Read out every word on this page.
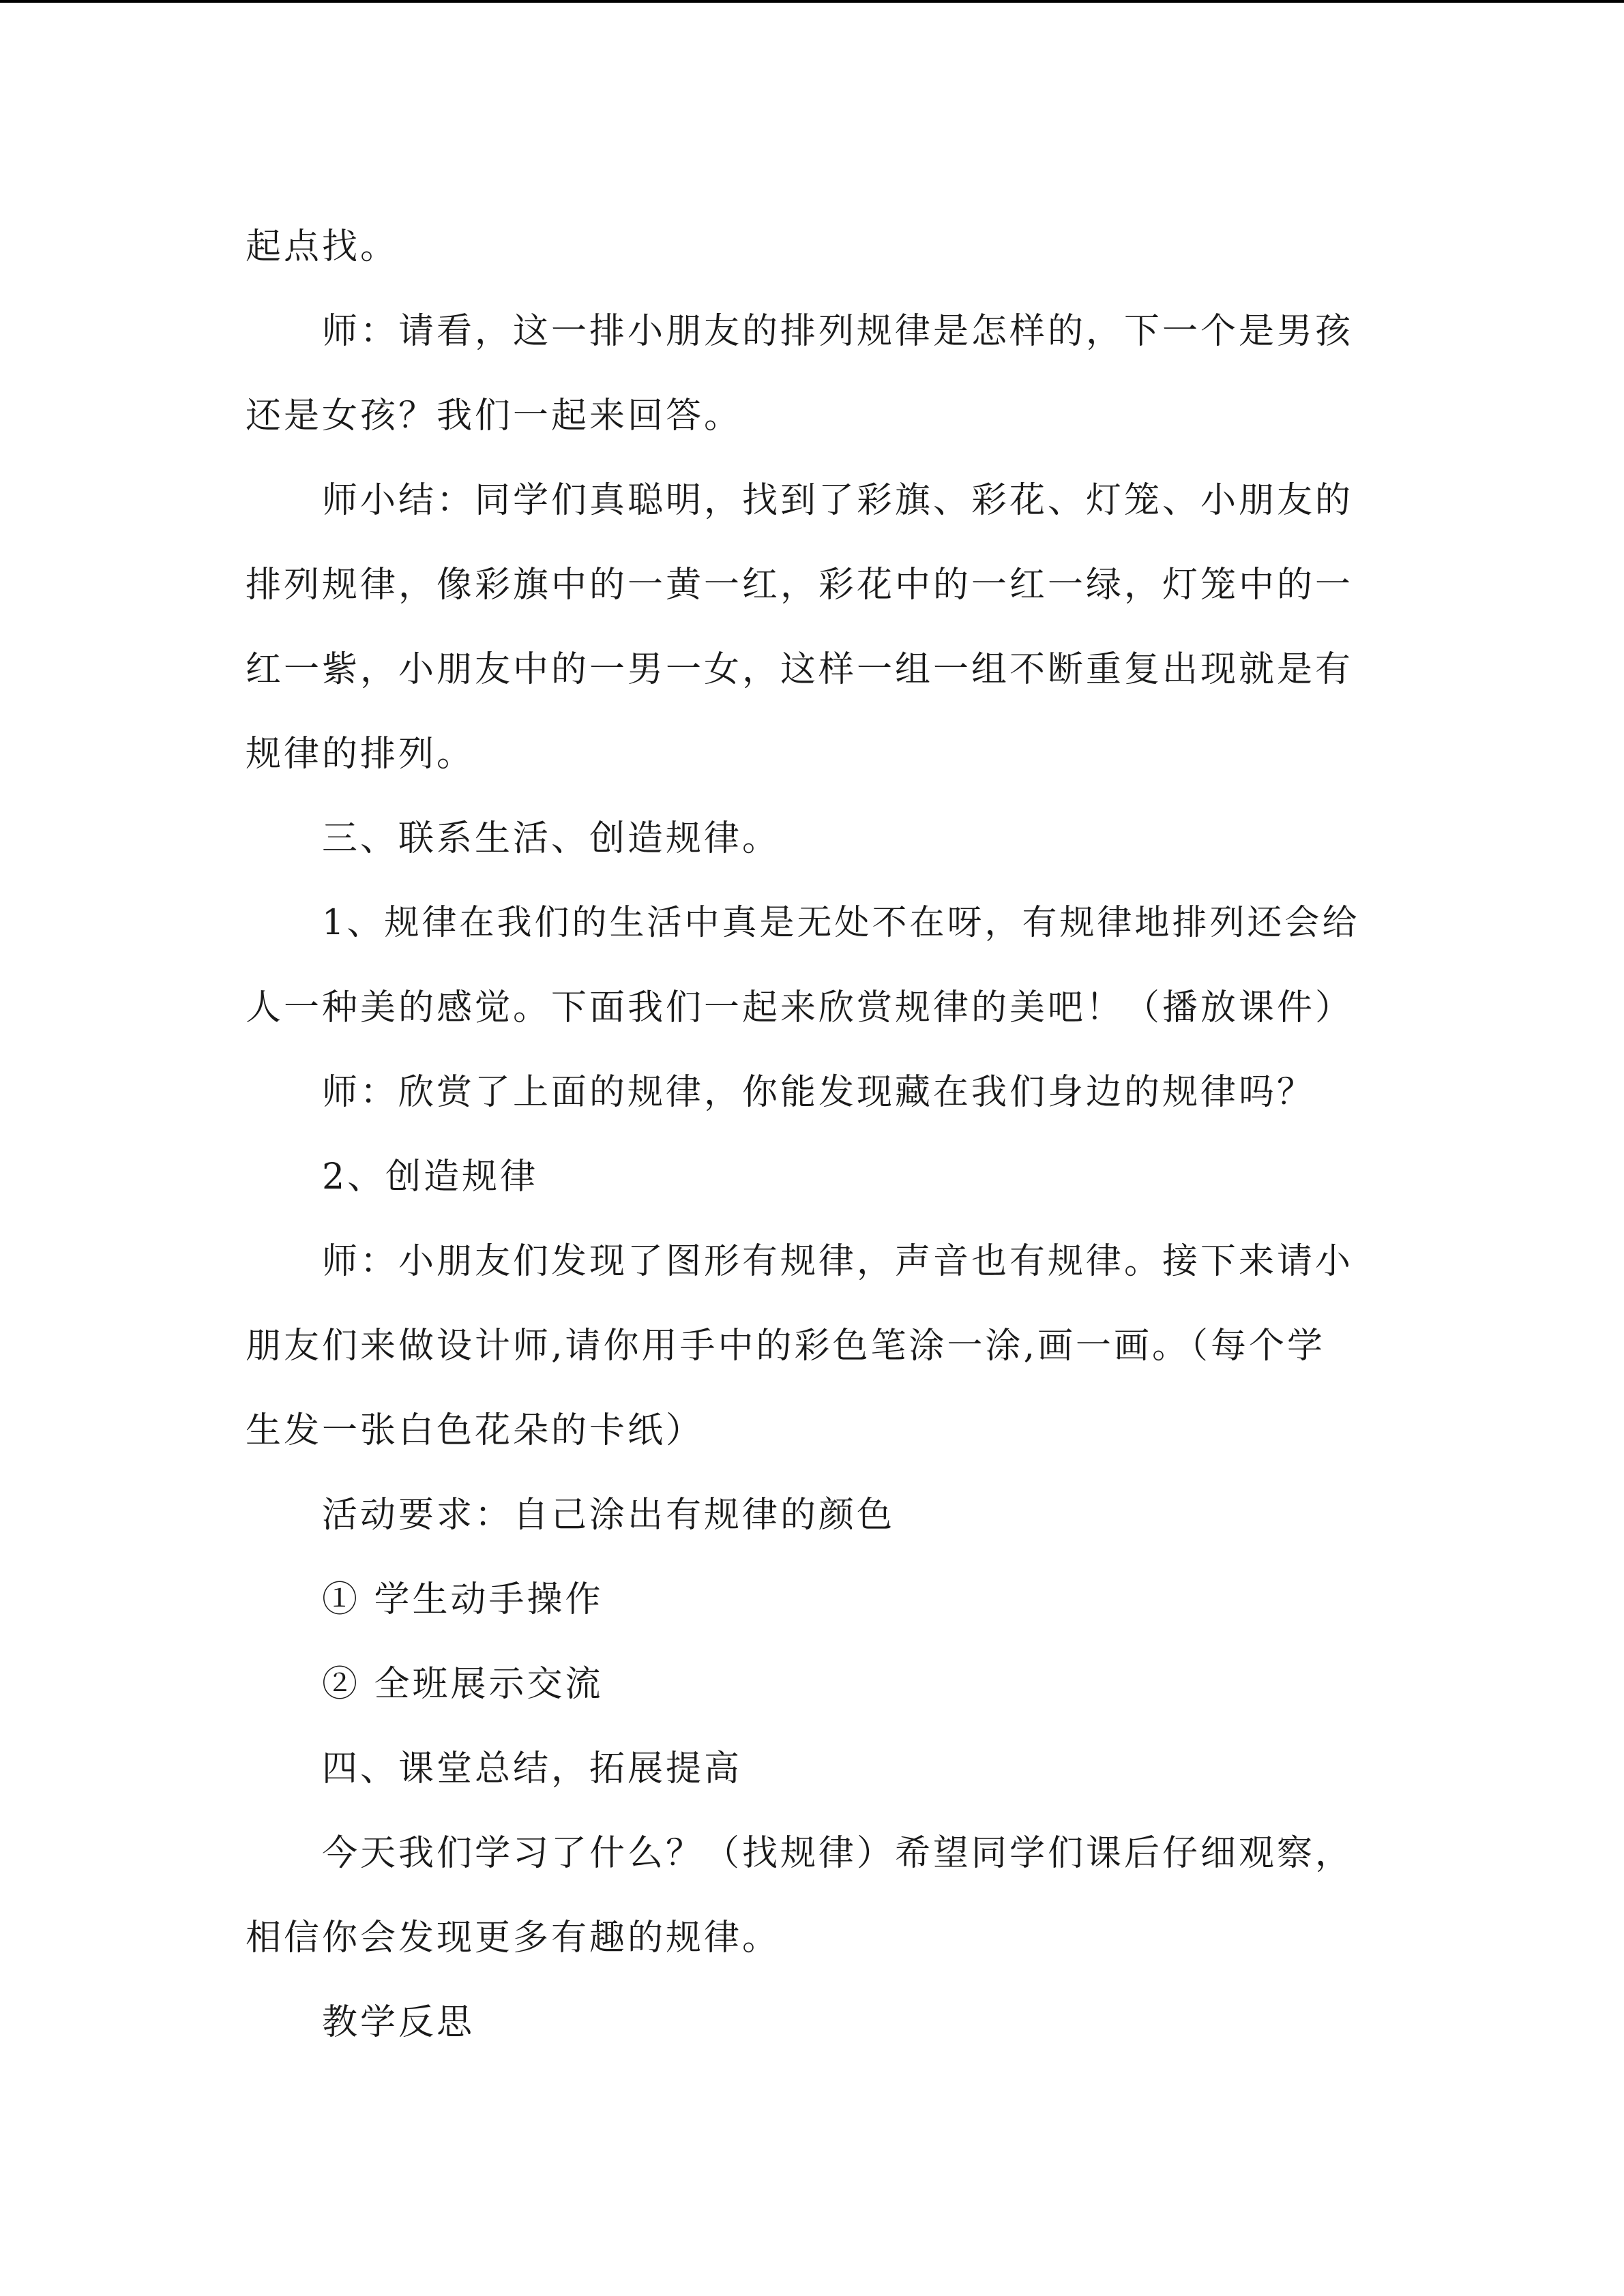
起点找。

师：请看，这一排小朋友的排列规律是怎样的，下一个是男孩

还是女孩？我们一起来回答。

师小结：同学们真聪明，找到了彩旗、彩花、灯笼、小朋友的

排列规律，像彩旗中的一黄一红，彩花中的一红一绿，灯笼中的一

红一紫，小朋友中的一男一女，这样一组一组不断重复出现就是有

规律的排列。

三、联系生活、创造规律。

1、规律在我们的生活中真是无处不在呀，有规律地排列还会给

人一种美的感觉。下面我们一起来欣赏规律的美吧！（播放课件）

师：欣赏了上面的规律，你能发现藏在我们身边的规律吗？

2、创造规律

师：小朋友们发现了图形有规律，声音也有规律。接下来请小

朋友们来做设计师,请你用手中的彩色笔涂一涂,画一画。（每个学

生发一张白色花朵的卡纸）

活动要求：自己涂出有规律的颜色

① 学生动手操作

② 全班展示交流

四、课堂总结，拓展提高

今天我们学习了什么？（找规律）希望同学们课后仔细观察，

相信你会发现更多有趣的规律。

教学反思
